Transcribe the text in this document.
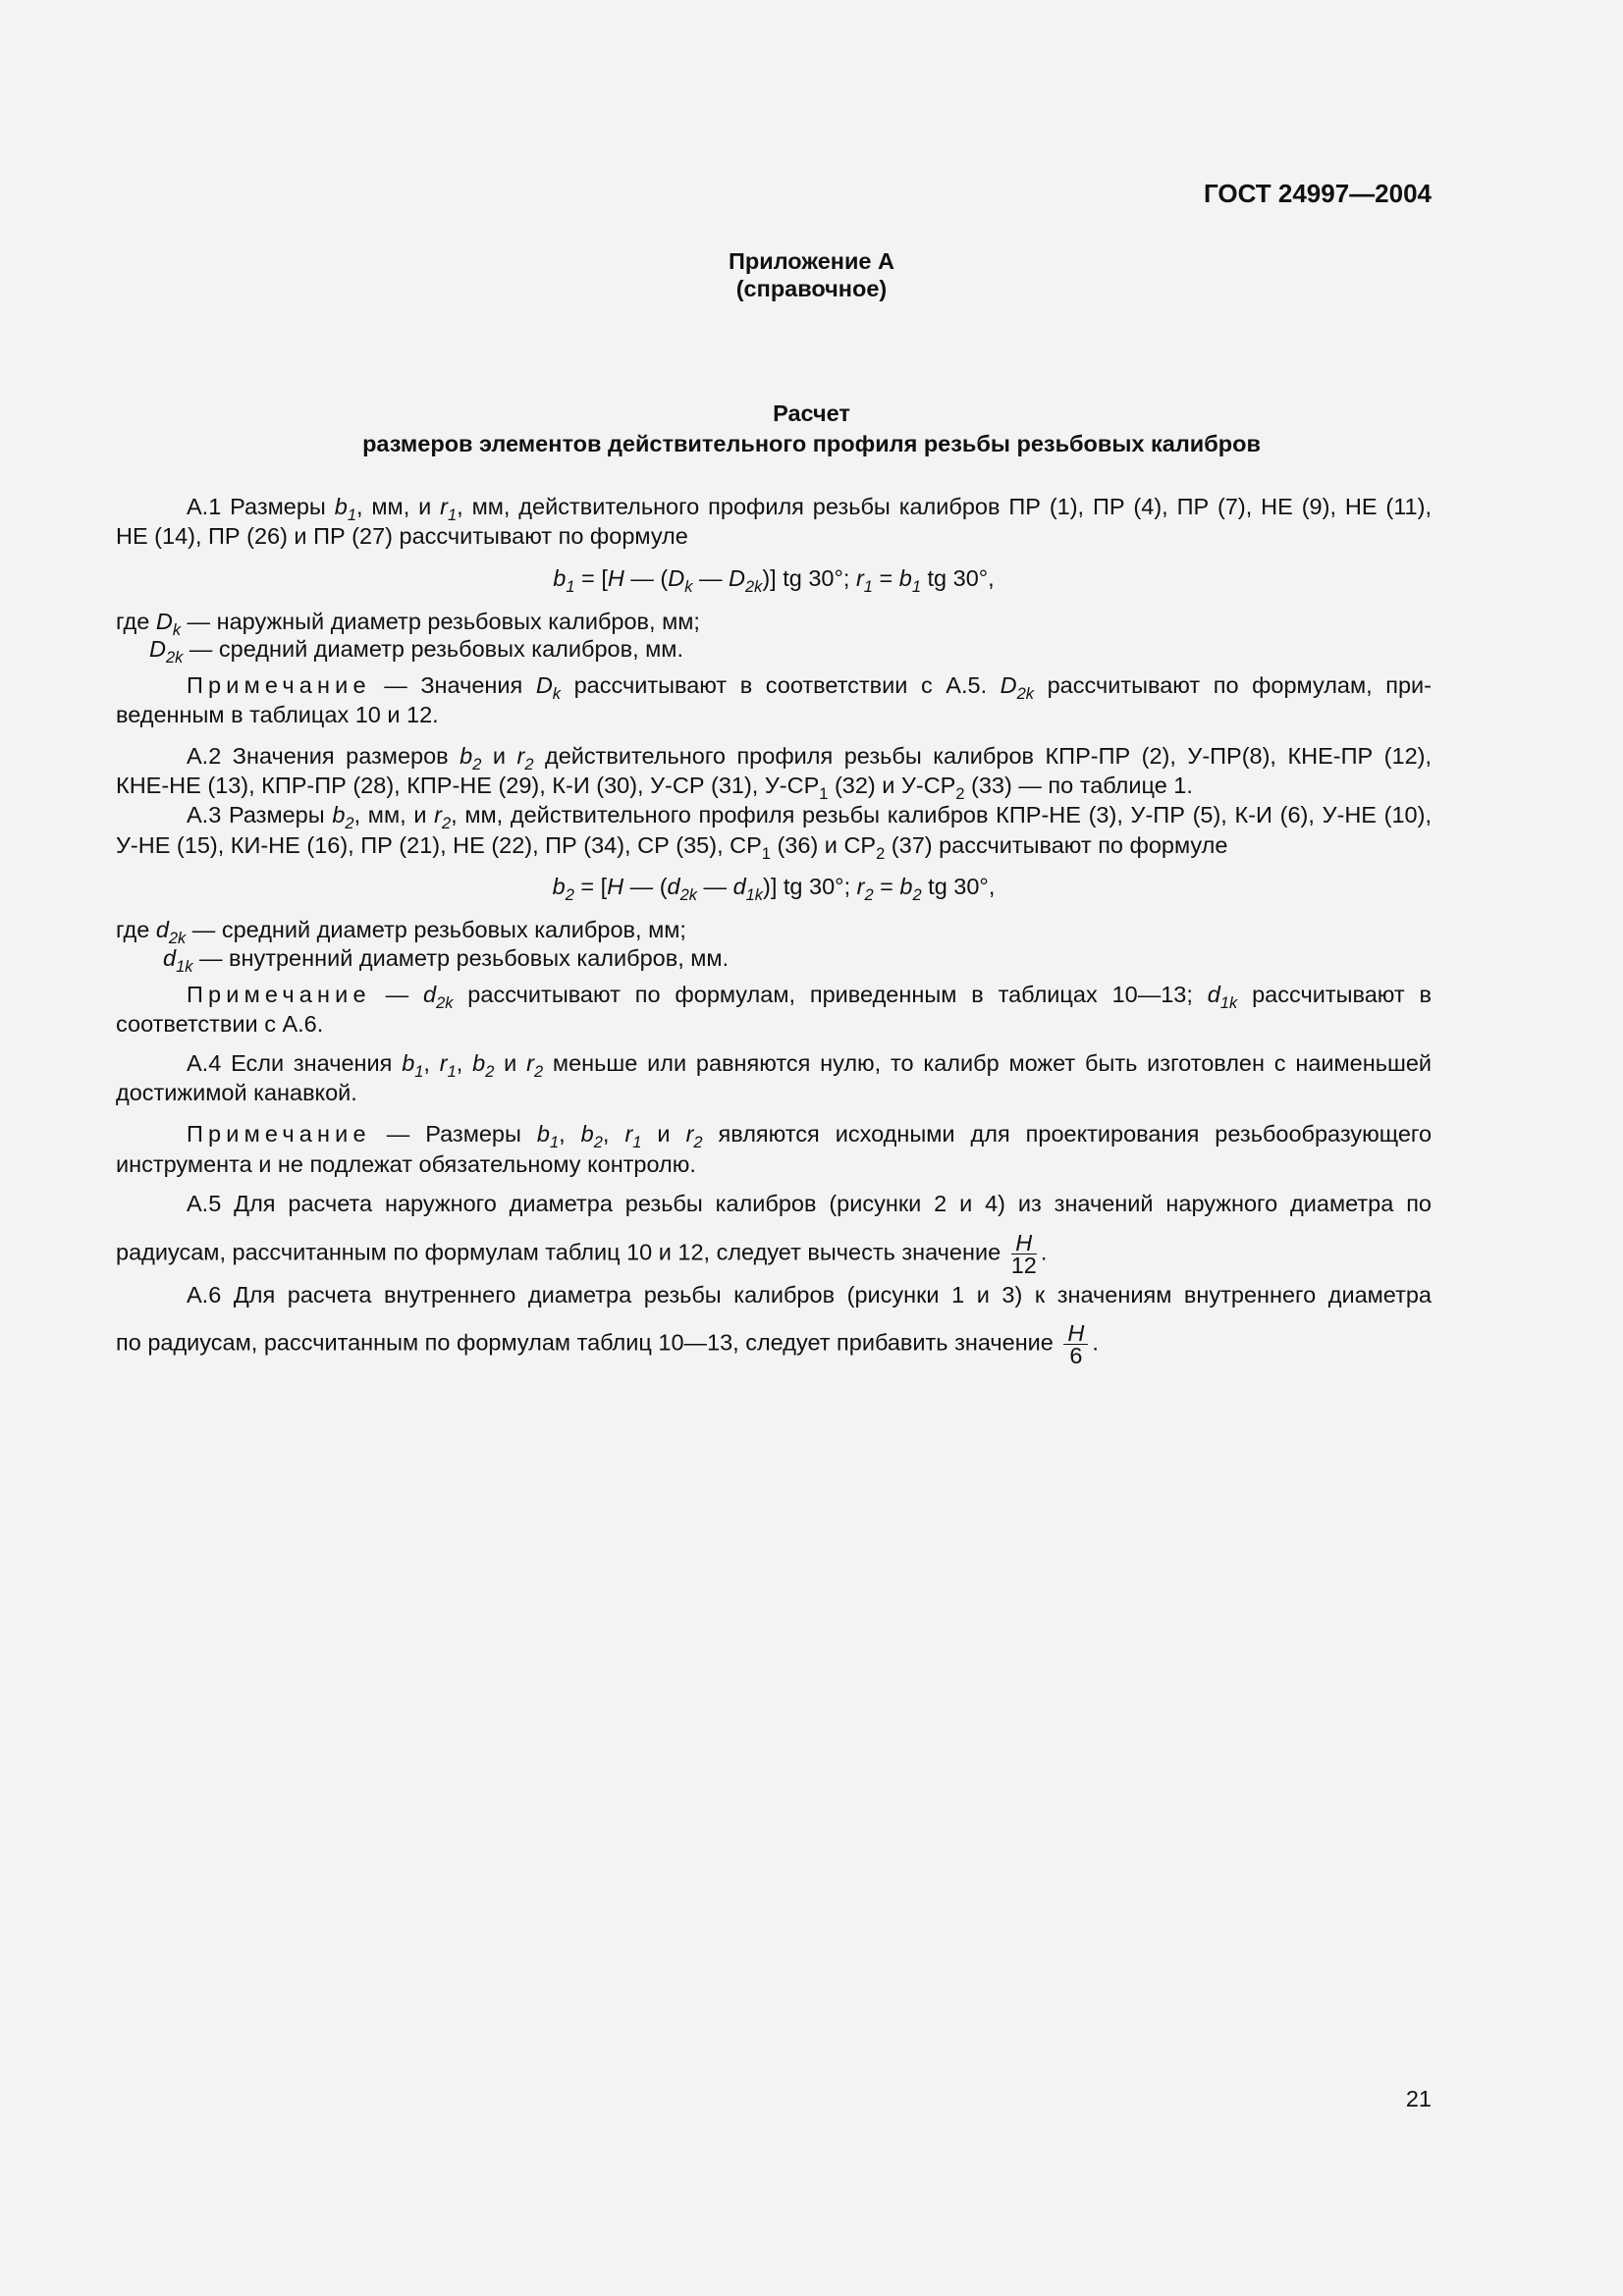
ГОСТ 24997—2004
Приложение А
(справочное)
Расчет
размеров элементов действительного профиля резьбы резьбовых калибров
А.1 Размеры $b_1$, мм, и $r_1$, мм, действительного профиля резьбы калибров ПР (1), ПР (4), ПР (7), НЕ (9), НЕ (11),
НЕ (14), ПР (26) и ПР (27) рассчитывают по формуле
$b_1 = [H$ — ($D_k$ — $D_{2k}$)] tg 30°; $r_1 = b_1$ tg 30°,
где $D_k$ — наружный диаметр резьбовых калибров, мм;
$D_{2k}$ — средний диаметр резьбовых калибров, мм.
Примечание — Значения $D_k$ рассчитывают в соответствии с А.5. $D_{2k}$ рассчитывают по формулам, при-
веденным в таблицах 10 и 12.
А.2 Значения размеров $b_2$ и $r_2$ действительного профиля резьбы калибров КПР-ПР (2), У-ПР(8), КНЕ-ПР (12),
КНЕ-НЕ (13), КПР-ПР (28), КПР-НЕ (29), К-И (30), У-СР (31), $У-СР_1$ (32) и $У-СР_2$ (33) — по таблице 1.
А.3 Размеры $b_2$, мм, и $r_2$, мм, действительного профиля резьбы калибров КПР-НЕ (3), У-ПР (5), К-И (6), У-НЕ (10),
У-НЕ (15), КИ-НЕ (16), ПР (21), НЕ (22), ПР (34), СР (35), $СР_1$ (36) и $СР_2$ (37) рассчитывают по формуле
$b_2 = [H$ — ($d_{2k}$ — $d_{1k}$)] tg 30°; $r_2 = b_2$ tg 30°,
где $d_{2k}$ — средний диаметр резьбовых калибров, мм;
$d_{1k}$ — внутренний диаметр резьбовых калибров, мм.
Примечание — $d_{2k}$ рассчитывают по формулам, приведенным в таблицах 10—13; $d_{1k}$ рассчитывают в
соответствии с А.6.
А.4 Если значения $b_1$, $r_1$, $b_2$ и $r_2$ меньше или равняются нулю, то калибр может быть изготовлен с наименьшей
достижимой канавкой.
Примечание — Размеры $b_1$, $b_2$, $r_1$ и $r_2$ являются исходными для проектирования резьбообразующего
инструмента и не подлежат обязательному контролю.
А.5 Для расчета наружного диаметра резьбы калибров (рисунки 2 и 4) из значений наружного диаметра по
радиусам, рассчитанным по формулам таблиц 10 и 12, следует вычесть значение $\frac{H}{12}$ .
А.6 Для расчета внутреннего диаметра резьбы калибров (рисунки 1 и 3) к значениям внутреннего диаметра
по радиусам, рассчитанным по формулам таблиц 10—13, следует прибавить значение $\frac{H}{6}$ .
21
